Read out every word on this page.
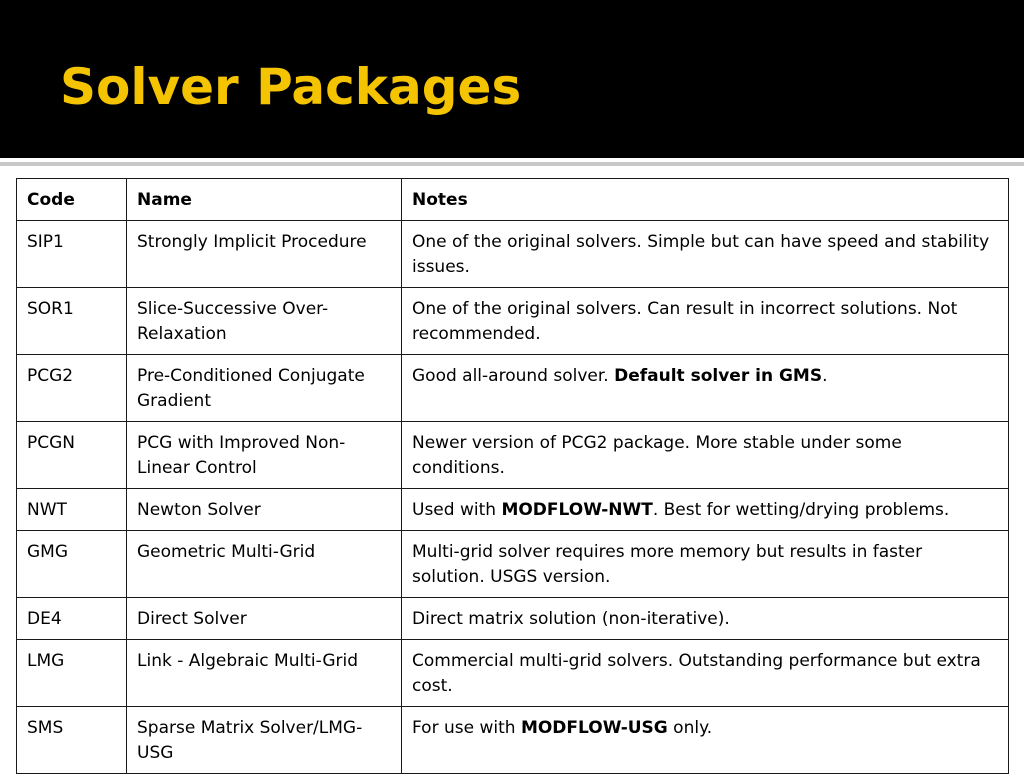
Solver Packages
Code	Name	Notes
SIP1	Strongly Implicit Procedure	One of the original solvers. Simple but can have speed and stability issues.
SOR1	Slice-Successive Over-Relaxation	One of the original solvers. Can result in incorrect solutions. Not recommended.
PCG2	Pre-Conditioned Conjugate Gradient	Good all-around solver. Default solver in GMS.
PCGN	PCG with Improved Non-Linear Control	Newer version of PCG2 package. More stable under some conditions.
NWT	Newton Solver	Used with MODFLOW-NWT. Best for wetting/drying problems.
GMG	Geometric Multi-Grid	Multi-grid solver requires more memory but results in faster solution. USGS version.
DE4	Direct Solver	Direct matrix solution (non-iterative).
LMG	Link - Algebraic Multi-Grid	Commercial multi-grid solvers. Outstanding performance but extra cost.
SMS	Sparse Matrix Solver/LMG-USG	For use with MODFLOW-USG only.
